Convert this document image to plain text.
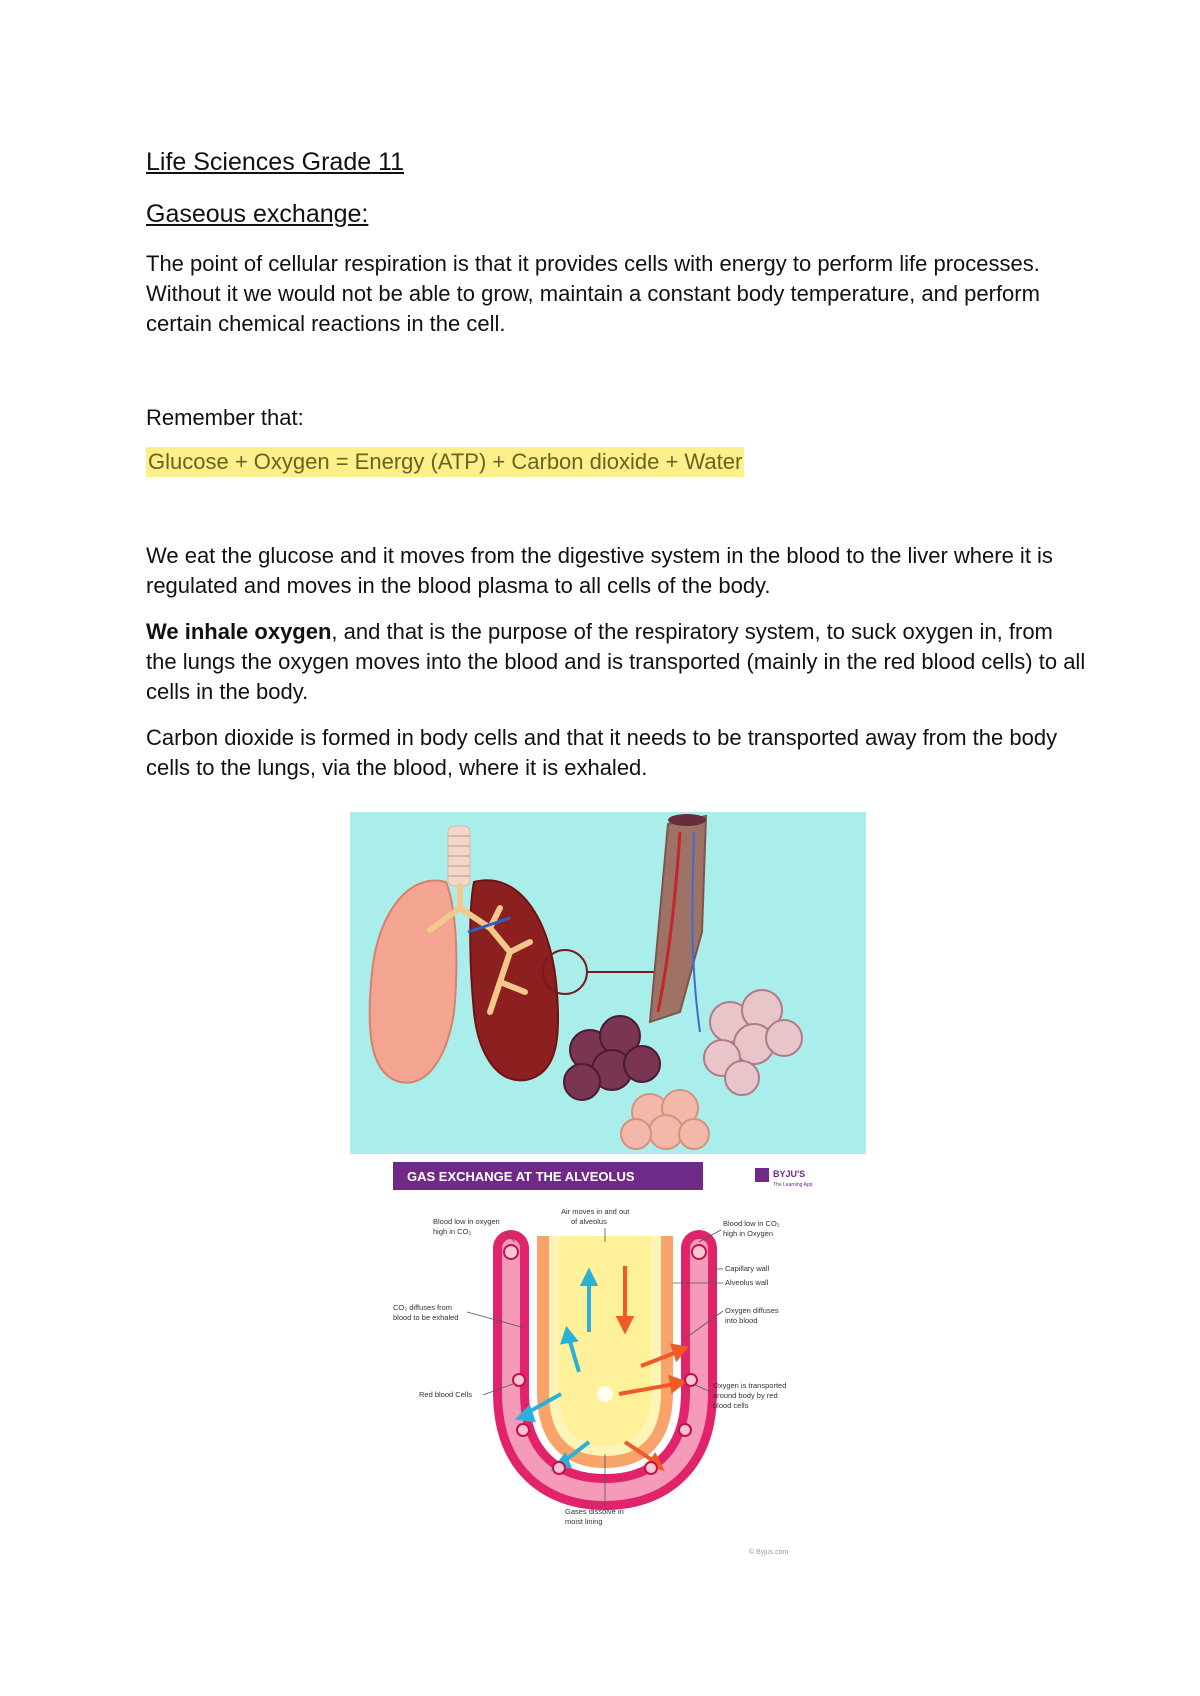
Life Sciences Grade 11
Gaseous exchange:
The point of cellular respiration is that it provides cells with energy to perform life processes. Without it we would not be able to grow, maintain a constant body temperature, and perform certain chemical reactions in the cell.
Remember that:
Glucose + Oxygen = Energy (ATP) + Carbon dioxide + Water
We eat the glucose and it moves from the digestive system in the blood to the liver where it is regulated and moves in the blood plasma to all cells of the body.
We inhale oxygen, and that is the purpose of the respiratory system, to suck oxygen in, from the lungs the oxygen moves into the blood and is transported (mainly in the red blood cells) to all cells in the body.
Carbon dioxide is formed in body cells and that it needs to be transported away from the body cells to the lungs, via the blood, where it is exhaled.
GAS EXCHANGE AT THE ALVEOLUS	BYJU'S
The Learning App
Blood low in oxygen
high in CO₂
Air moves in and out
of alveolus	Blood low in CO₂
high in Oxygen
Capillary wall
Alveolus wall
Oxygen diffuses
into blood
CO₂ diffuses from
blood to be exhaled
Red blood Cells
Oxygen is transported
around body by red
blood cells
Gases dissolve in
moist lining
© Byjus.com
